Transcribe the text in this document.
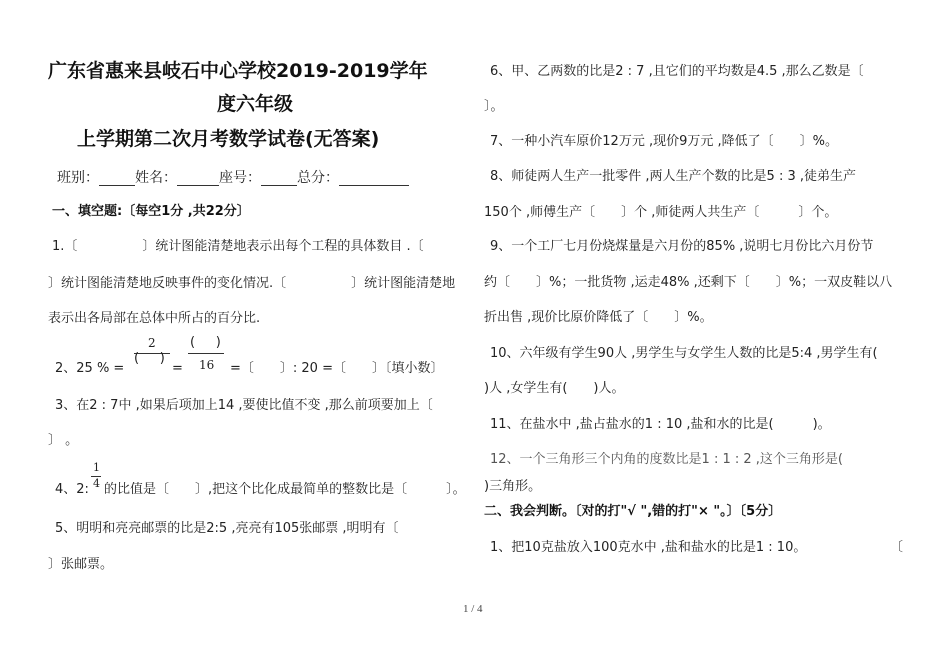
广东省惠来县岐石中心学校2019-2019学年
度六年级
上学期第二次月考数学试卷(无答案)
班别：	姓名：	座号：	总分：
一、填空题:〔每空1分 ,共22分〕
1.〔　　　　　〕统计图能清楚地表示出每个工程的具体数目 .〔
〕统计图能清楚地反映事件的变化情况.〔　　　　　〕统计图能清楚地
表示出各局部在总体中所占的百分比.
2、25 % =
2
(     )
=
(     )
16 =〔　　〕: 20 =〔　　〕〔填小数〕
3、在2 : 7中 ,如果后项加上14 ,要使比值不变 ,那么前项要加上〔
〕 。
4、2:
1
4 的比值是〔　　〕,把这个比化成最简单的整数比是〔　　　〕。
5、明明和亮亮邮票的比是2:5 ,亮亮有105张邮票 ,明明有〔
〕张邮票。
6、甲、乙两数的比是2 : 7 ,且它们的平均数是4.5 ,那么乙数是〔
〕。
7、一种小汽车原价12万元 ,现价9万元 ,降低了〔　　〕%。
8、师徒两人生产一批零件 ,两人生产个数的比是5 : 3 ,徒弟生产
150个 ,师傅生产〔　　〕个 ,师徒两人共生产〔　　　〕个。
9、一个工厂七月份烧煤量是六月份的85% ,说明七月份比六月份节
约〔　　〕%；一批货物 ,运走48% ,还剩下〔　　〕%；一双皮鞋以八
折出售 ,现价比原价降低了〔　　〕%。
10、六年级有学生90人 ,男学生与女学生人数的比是5:4 ,男学生有(
)人 ,女学生有(　　)人。
11、在盐水中 ,盐占盐水的1 : 10 ,盐和水的比是(　　　)。
12、一个三角形三个内角的度数比是1 : 1 : 2 ,这个三角形是(
)三角形。
二、我会判断。〔对的打"√ ",错的打"× "。〕〔5分〕
1、把10克盐放入100克水中 ,盐和盐水的比是1 : 10。	〔
1 / 4
